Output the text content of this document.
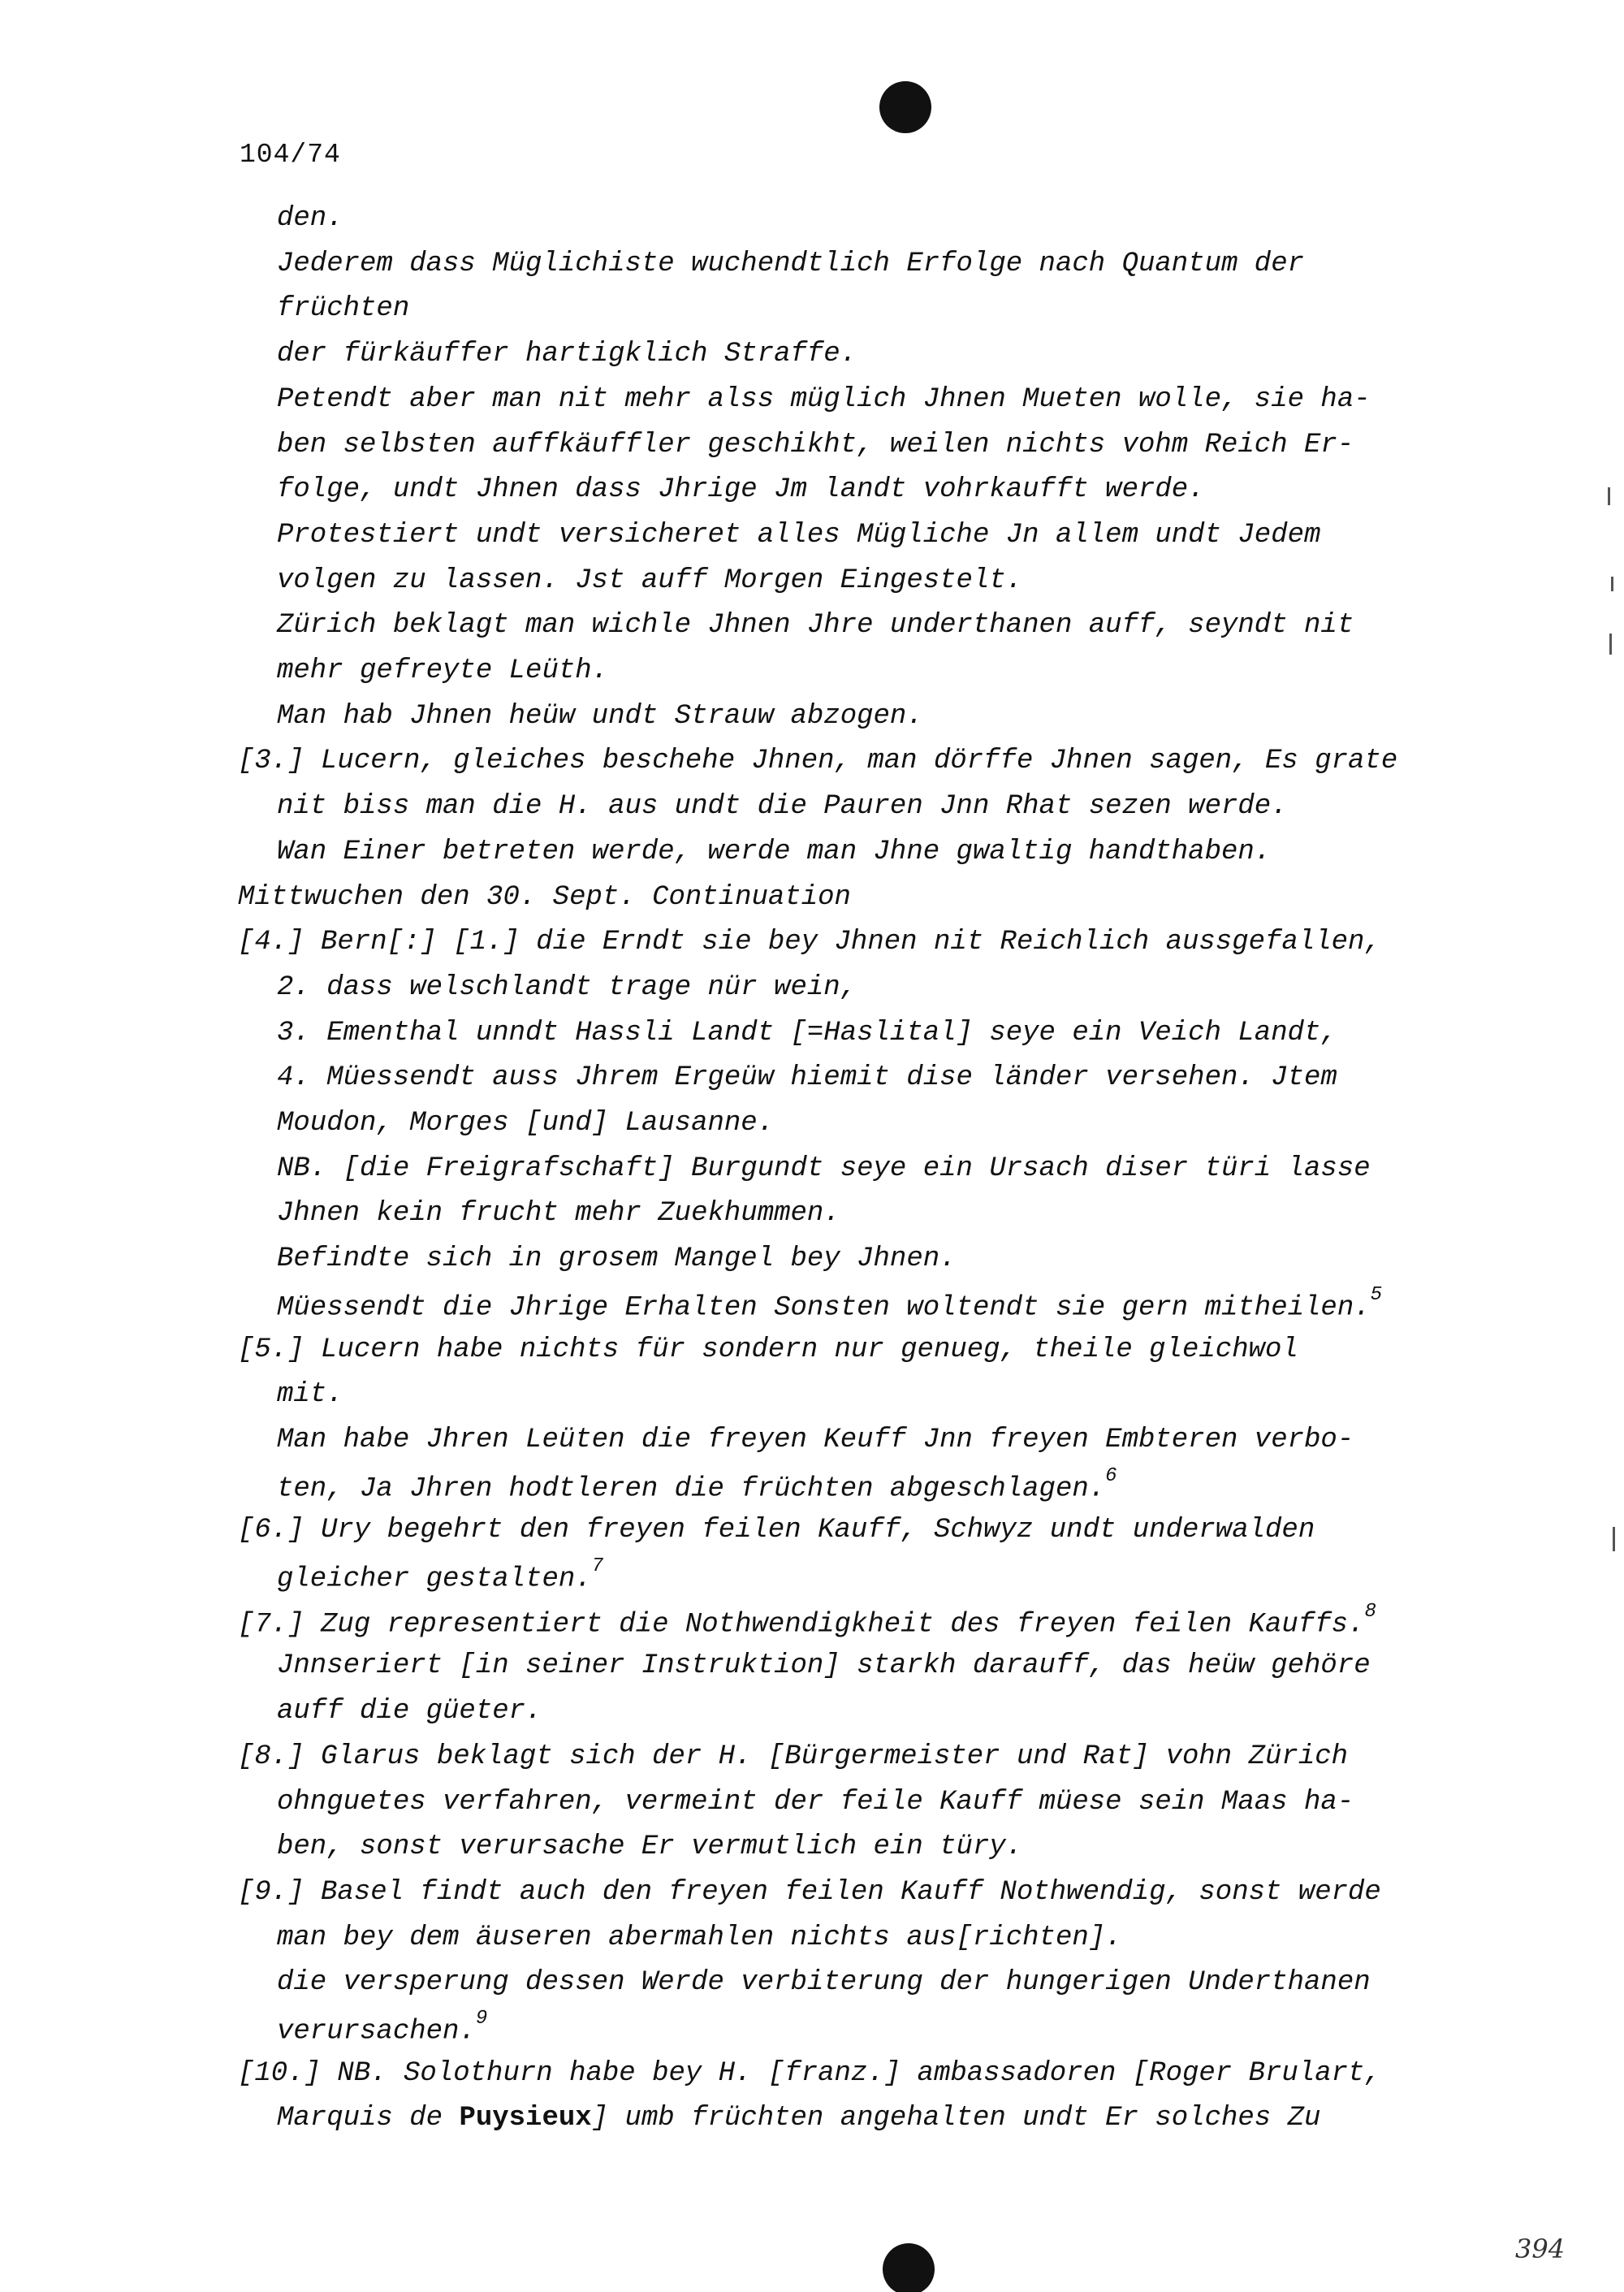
104/74
den.
Jederem dass Müglichiste wuchendtlich Erfolge nach Quantum der
früchten
der fürkäuffer hartigklich Straffe.
Petendt aber man nit mehr alss müglich Jhnen Mueten wolle, sie ha-
ben selbsten auffkäuffler geschikht, weilen nichts vohm Reich Er-
folge, undt Jhnen dass Jhrige Jm landt vohrkaufft werde.
Protestiert undt versicheret alles Mügliche Jn allem undt Jedem
volgen zu lassen. Jst auff Morgen Eingestelt.
Zürich beklagt man wichle Jhnen Jhre underthanen auff, seyndt nit
mehr gefreyte Leüth.
Man hab Jhnen heüw undt Strauw abzogen.
[3.] Lucern, gleiches beschehe Jhnen, man dörffe Jhnen sagen, Es grate
nit biss man die H. aus undt die Pauren Jnn Rhat sezen werde.
Wan Einer betreten werde, werde man Jhne gwaltig handthaben.
Mittwuchen den 30. Sept. Continuation
[4.] Bern[:] [1.] die Erndt sie bey Jhnen nit Reichlich aussgefallen,
2. dass welschlandt trage nür wein,
3. Ementhal unndt Hassli Landt [=Haslital] seye ein Veich Landt,
4. Müessendt auss Jhrem Ergeüw hiemit dise länder versehen. Jtem
Moudon, Morges [und] Lausanne.
NB. [die Freigrafschaft] Burgundt seye ein Ursach diser türi lasse
Jhnen kein frucht mehr Zuekhummen.
Befindte sich in grosem Mangel bey Jhnen.
Müessendt die Jhrige Erhalten Sonsten woltendt sie gern mitheilen.$^5$
[5.] Lucern habe nichts für sondern nur genueg, theile gleichwol
mit.
Man habe Jhren Leüten die freyen Keuff Jnn freyen Embteren verbo-
ten, Ja Jhren hodtleren die früchten abgeschlagen.$^6$
[6.] Ury begehrt den freyen feilen Kauff, Schwyz undt underwalden
gleicher gestalten.$^7$
[7.] Zug representiert die Nothwendigkheit des freyen feilen Kauffs.$^8$
Jnnseriert [in seiner Instruktion] starkh darauff, das heüw gehöre
auff die güeter.
[8.] Glarus beklagt sich der H. [Bürgermeister und Rat] vohn Zürich
ohnguetes verfahren, vermeint der feile Kauff müese sein Maas ha-
ben, sonst verursache Er vermutlich ein türy.
[9.] Basel findt auch den freyen feilen Kauff Nothwendig, sonst werde
man bey dem äuseren abermahlen nichts aus[richten].
die versperung dessen Werde verbiterung der hungerigen Underthanen
verursachen.$^9$
[10.] NB. Solothurn habe bey H. [franz.] ambassadoren [Roger Brulart,
Marquis de Puysieux] umb früchten angehalten undt Er solches Zu
394
